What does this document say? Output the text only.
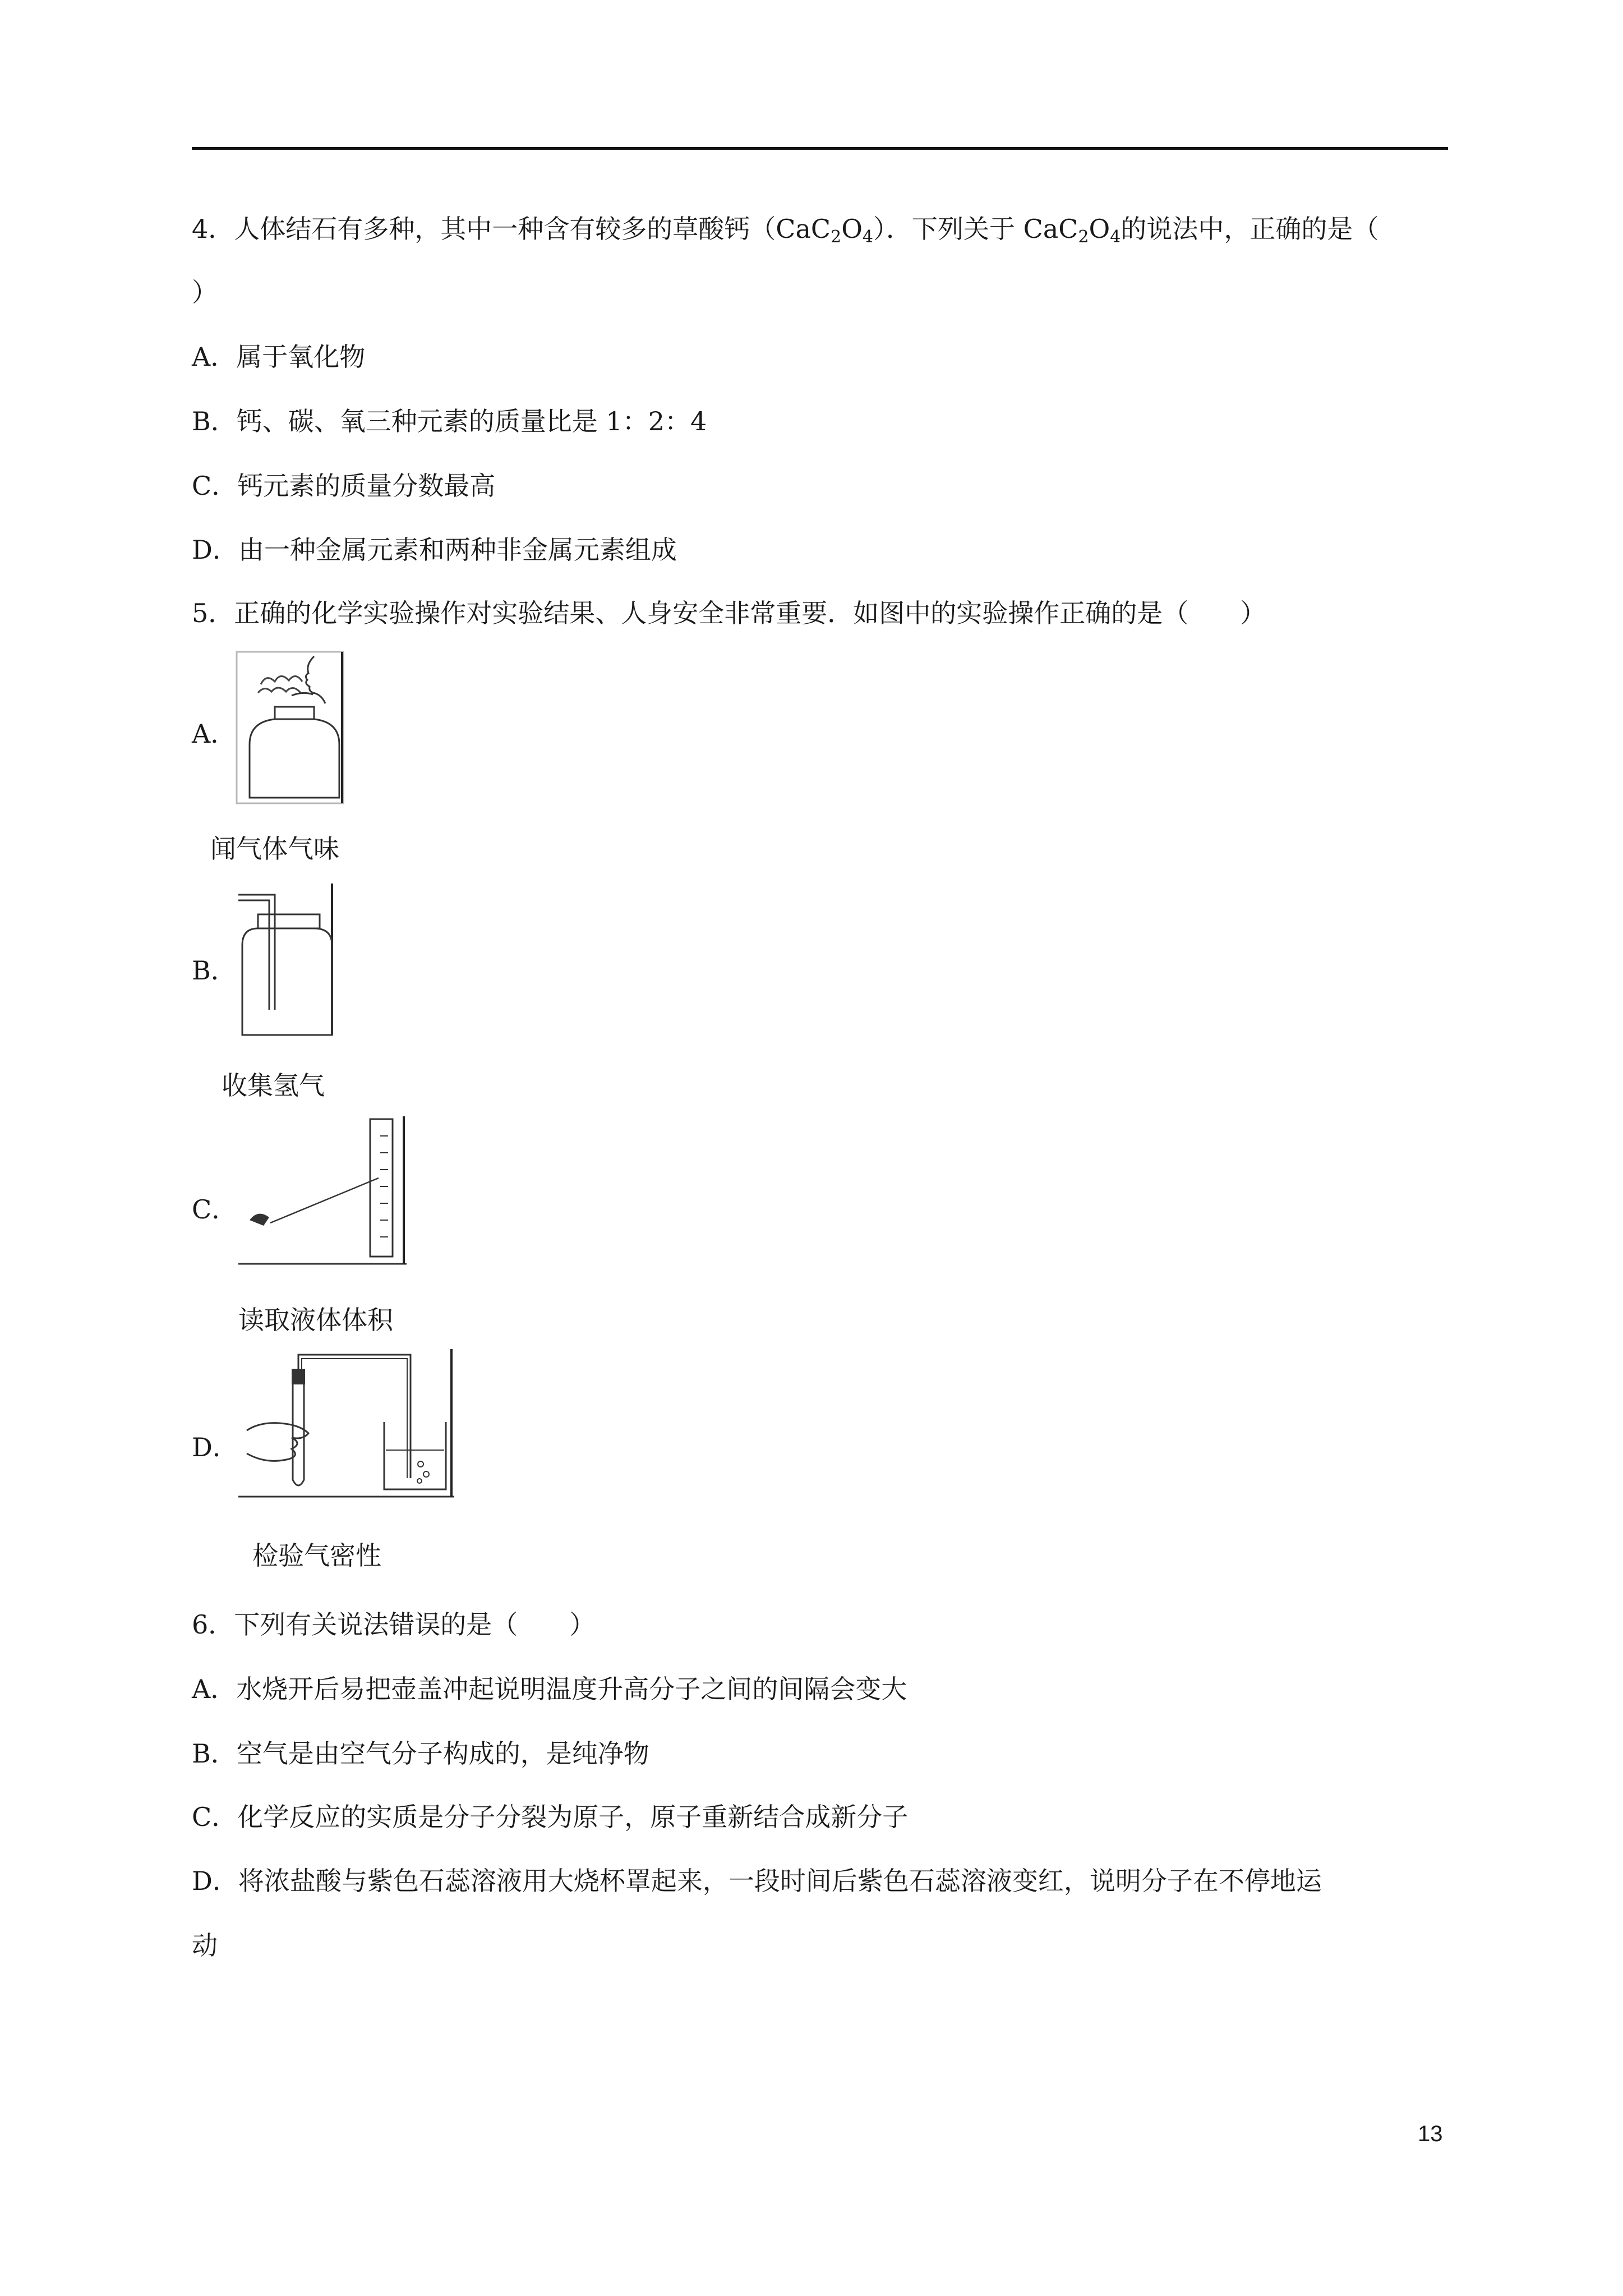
4．人体结石有多种，其中一种含有较多的草酸钙$(CaC_2O_4)$．下列关于 $CaC_2O_4$的说法中，正确的是（
）
A．属于氧化物
B．钙、碳、氧三种元素的质量比是 1：2：4
C．钙元素的质量分数最高
D．由一种金属元素和两种非金属元素组成
5．正确的化学实验操作对实验结果、人身安全非常重要．如图中的实验操作正确的是（　　）
A．
闻气体气味
B．
收集氢气
C．
读取液体体积
D．
检验气密性
6．下列有关说法错误的是（　　）
A．水烧开后易把壶盖冲起说明温度升高分子之间的间隔会变大
B．空气是由空气分子构成的，是纯净物
C．化学反应的实质是分子分裂为原子，原子重新结合成新分子
D．将浓盐酸与紫色石蕊溶液用大烧杯罩起来，一段时间后紫色石蕊溶液变红，说明分子在不停地运
动
13
